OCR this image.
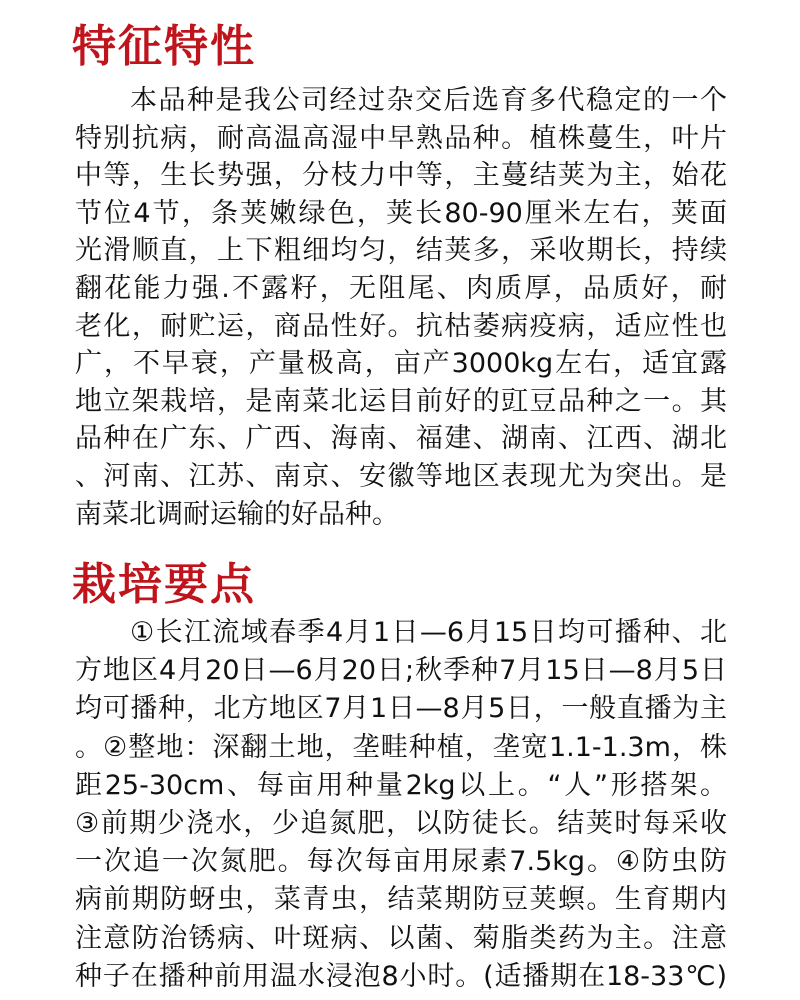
特征特性

本品种是我公司经过杂交后选育多代稳定的一个

特别抗病，耐高温高湿中早熟品种。植株蔓生，叶片

中等，生长势强，分枝力中等，主蔓结荚为主，始花

节位4节，条荚嫩绿色，荚长80-90厘米左右，荚面

光滑顺直，上下粗细均匀，结荚多，采收期长，持续

翻花能力强.不露籽，无阻尾、肉质厚，品质好，耐

老化，耐贮运，商品性好。抗枯萎病疫病，适应性也

广，不早衰，产量极高，亩产3000kg左右，适宜露

地立架栽培，是南菜北运目前好的豇豆品种之一。其

品种在广东、广西、海南、福建、湖南、江西、湖北

、河南、江苏、南京、安徽等地区表现尤为突出。是

南菜北调耐运输的好品种。

栽培要点

①长江流域春季4月1日—6月15日均可播种、北

方地区4月20日—6月20日;秋季种7月15日—8月5日

均可播种，北方地区7月1日—8月5日，一般直播为主

。②整地：深翻土地，垄畦种植，垄宽1.1-1.3m，株

距25-30cm、每亩用种量2kg以上。“人”形搭架。

③前期少浇水，少追氮肥，以防徒长。结荚时每采收

一次追一次氮肥。每次每亩用尿素7.5kg。④防虫防

病前期防蚜虫，菜青虫，结菜期防豆荚螟。生育期内

注意防治锈病、叶斑病、以菌、菊脂类药为主。注意

种子在播种前用温水浸泡8小时。(适播期在18-33℃)
